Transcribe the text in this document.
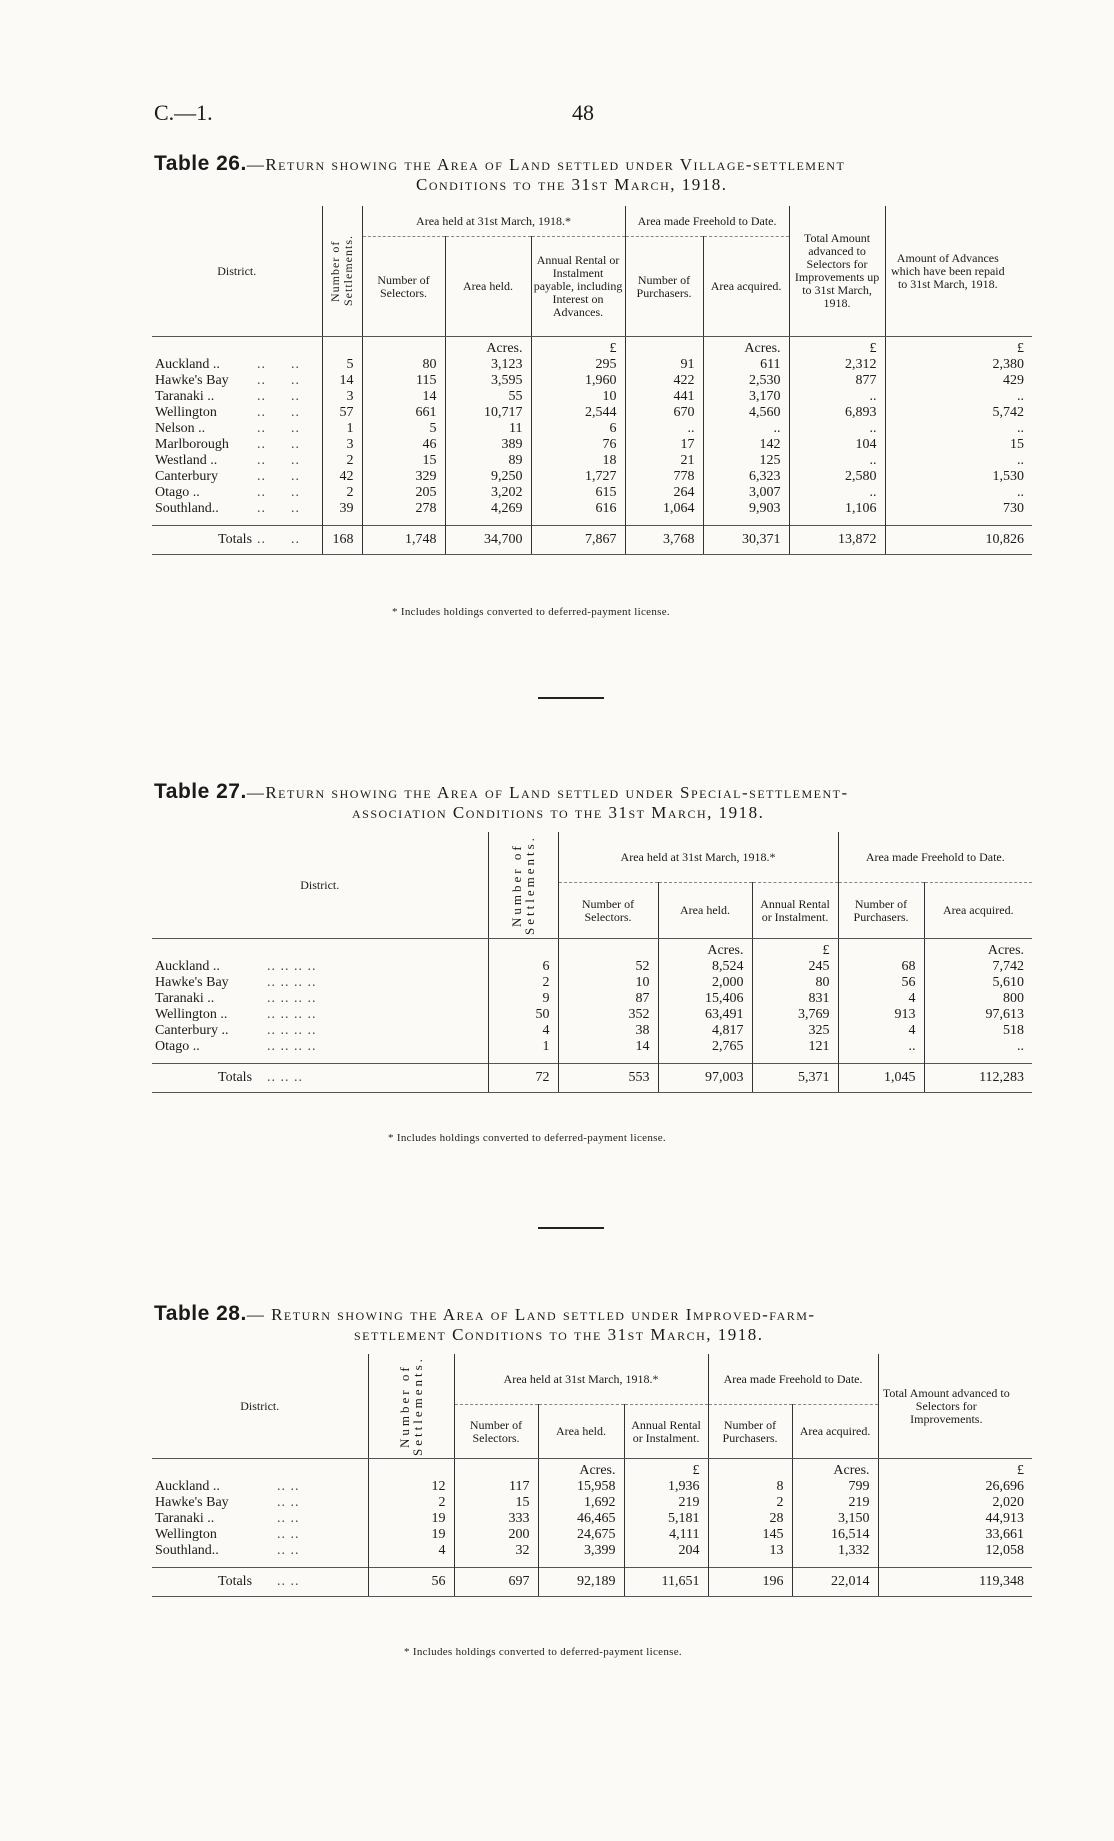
C.—1.	48
Table 26.—Return showing the Area of Land settled under Village-settlement
Conditions to the 31st March, 1918.
District.			Number of Settlements.	Area held at 31st March, 1918.*			Area made Freehold to Date.		Total Amount advanced to Selectors for Improvements up to 31st March, 1918.	Amount of Advances which have been repaid to 31st March, 1918.
				Number of Selectors.	Area held.	Annual Rental or Instalment payable, including Interest on Advances.	Number of Purchasers.	Area acquired.		
					Acres.	£		Acres.	£	£
Auckland ..	..	..	5	80	3,123	295	91	611	2,312	2,380
Hawke's Bay	..	..	14	115	3,595	1,960	422	2,530	877	429
Taranaki ..	..	..	3	14	55	10	441	3,170	..	..
Wellington	..	..	57	661	10,717	2,544	670	4,560	6,893	5,742
Nelson ..	..	..	1	5	11	6	..	..	..	..
Marlborough	..	..	3	46	389	76	17	142	104	15
Westland ..	..	..	2	15	89	18	21	125	..	..
Canterbury	..	..	42	329	9,250	1,727	778	6,323	2,580	1,530
Otago ..	..	..	2	205	3,202	615	264	3,007	..	..
Southland..	..	..	39	278	4,269	616	1,064	9,903	1,106	730

Totals	..	..	168	1,748	34,700	7,867	3,768	30,371	13,872	10,826
* Includes holdings converted to deferred-payment license.
Table 27.—Return showing the Area of Land settled under Special-settlement-
association Conditions to the 31st March, 1918.
District.		Number of Settlements.	Area held at 31st March, 1918.*			Area made Freehold to Date.	
			Number of Selectors.	Area held.	Annual Rental or Instalment.	Number of Purchasers.	Area acquired.
				Acres.	£		Acres.
Auckland ..	.. .. .. ..	6	52	8,524	245	68	7,742
Hawke's Bay	.. .. .. ..	2	10	2,000	80	56	5,610
Taranaki ..	.. .. .. ..	9	87	15,406	831	4	800
Wellington ..	.. .. .. ..	50	352	63,491	3,769	913	97,613
Canterbury ..	.. .. .. ..	4	38	4,817	325	4	518
Otago ..	.. .. .. ..	1	14	2,765	121	..	..

Totals	.. .. ..	72	553	97,003	5,371	1,045	112,283
* Includes holdings converted to deferred-payment license.
Table 28.— Return showing the Area of Land settled under Improved-farm-
settlement Conditions to the 31st March, 1918.
District.		Number of Settlements.	Area held at 31st March, 1918.*			Area made Freehold to Date.		Total Amount advanced to Selectors for Improvements.
			Number of Selectors.	Area held.	Annual Rental or Instalment.	Number of Purchasers.	Area acquired.	
				Acres.	£		Acres.	£
Auckland ..	.. ..	12	117	15,958	1,936	8	799	26,696
Hawke's Bay	.. ..	2	15	1,692	219	2	219	2,020
Taranaki ..	.. ..	19	333	46,465	5,181	28	3,150	44,913
Wellington	.. ..	19	200	24,675	4,111	145	16,514	33,661
Southland..	.. ..	4	32	3,399	204	13	1,332	12,058

Totals	.. ..	56	697	92,189	11,651	196	22,014	119,348
* Includes holdings converted to deferred-payment license.
